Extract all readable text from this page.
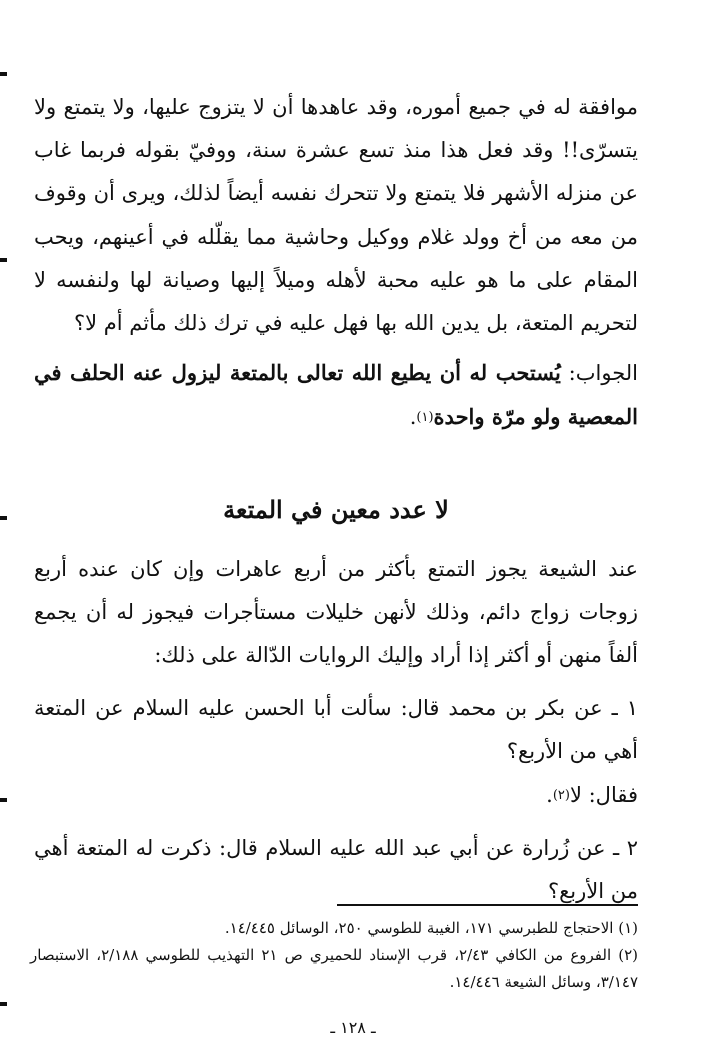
موافقة له في جميع أموره، وقد عاهدها أن لا يتزوج عليها، ولا يتمتع ولا يتسرّى!! وقد فعل هذا منذ تسع عشرة سنة، ووفيّ بقوله فربما غاب عن منزله الأشهر فلا يتمتع ولا تتحرك نفسه أيضاً لذلك، ويرى أن وقوف من معه من أخ وولد غلام ووكيل وحاشية مما يقلّله في أعينهم، ويحب المقام على ما هو عليه محبة لأهله وميلاً إليها وصيانة لها ولنفسه لا لتحريم المتعة، بل يدين الله بها فهل عليه في ترك ذلك مأثم أم لا؟

الجواب: يُستحب له أن يطيع الله تعالى بالمتعة ليزول عنه الحلف في المعصية ولو مرّة واحدة$^{(١)}$.

لا عدد معين في المتعة

عند الشيعة يجوز التمتع بأكثر من أربع عاهرات وإن كان عنده أربع زوجات زواج دائم، وذلك لأنهن خليلات مستأجرات فيجوز له أن يجمع ألفاً منهن أو أكثر إذا أراد وإليك الروايات الدّالة على ذلك:

١ ـ عن بكر بن محمد قال: سألت أبا الحسن عليه السلام عن المتعة أهي من الأربع؟

فقال: لا$^{(٢)}$.

٢ ـ عن زُرارة عن أبي عبد الله عليه السلام قال: ذكرت له المتعة أهي من الأربع؟

(١) الاحتجاج للطبرسي ١٧١، الغيبة للطوسي ٢٥٠، الوسائل ١٤/٤٤٥.

(٢) الفروع من الكافي ٢/٤٣، قرب الإسناد للحميري ص ٢١ التهذيب للطوسي ٢/١٨٨، الاستبصار ٣/١٤٧، وسائل الشيعة ١٤/٤٤٦.

ـ ١٢٨ ـ
